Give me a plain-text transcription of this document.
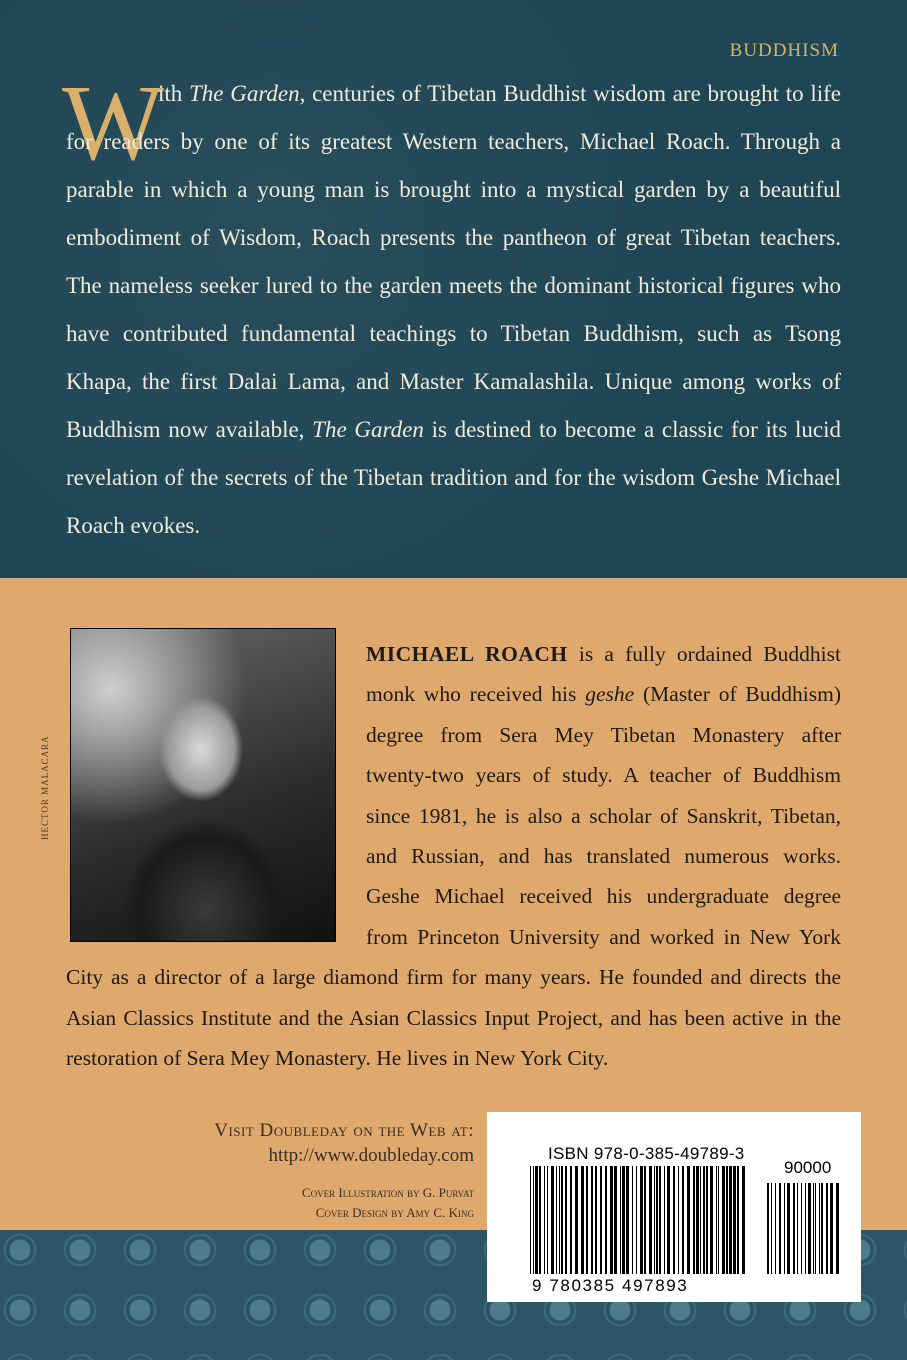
BUDDHISM
W

ith The Garden, centuries of Tibetan Buddhist wisdom are brought to life for readers by one of its greatest Western teachers, Michael Roach. Through a parable in which a young man is brought into a mystical garden by a beautiful embodiment of Wisdom, Roach presents the pantheon of great Tibetan teachers. The nameless seeker lured to the garden meets the dominant historical figures who have contributed fundamental teachings to Tibetan Buddhism, such as Tsong Khapa, the first Dalai Lama, and Master Kamalashila. Unique among works of Buddhism now available, The Garden is destined to become a classic for its lucid revelation of the secrets of the Tibetan tradition and for the wisdom Geshe Michael Roach evokes.

HECTOR MALACARA

MICHAEL ROACH is a fully ordained Buddhist monk who received his geshe (Master of Buddhism) degree from Sera Mey Tibetan Monastery after twenty-two years of study. A teacher of Buddhism since 1981, he is also a scholar of Sanskrit, Tibetan, and Russian, and has translated numerous works. Geshe Michael received his undergraduate degree from Princeton University and worked in New York City as a director of a large diamond firm for many years. He founded and directs the Asian Classics Institute and the Asian Classics Input Project, and has been active in the restoration of Sera Mey Monastery. He lives in New York City.

Visit Doubleday on the Web at:
http://www.doubleday.com
Cover Illustration by G. Purvat
Cover Design by Amy C. King
ISBN 978-0-385-49789-3
90000
9 780385 497893
